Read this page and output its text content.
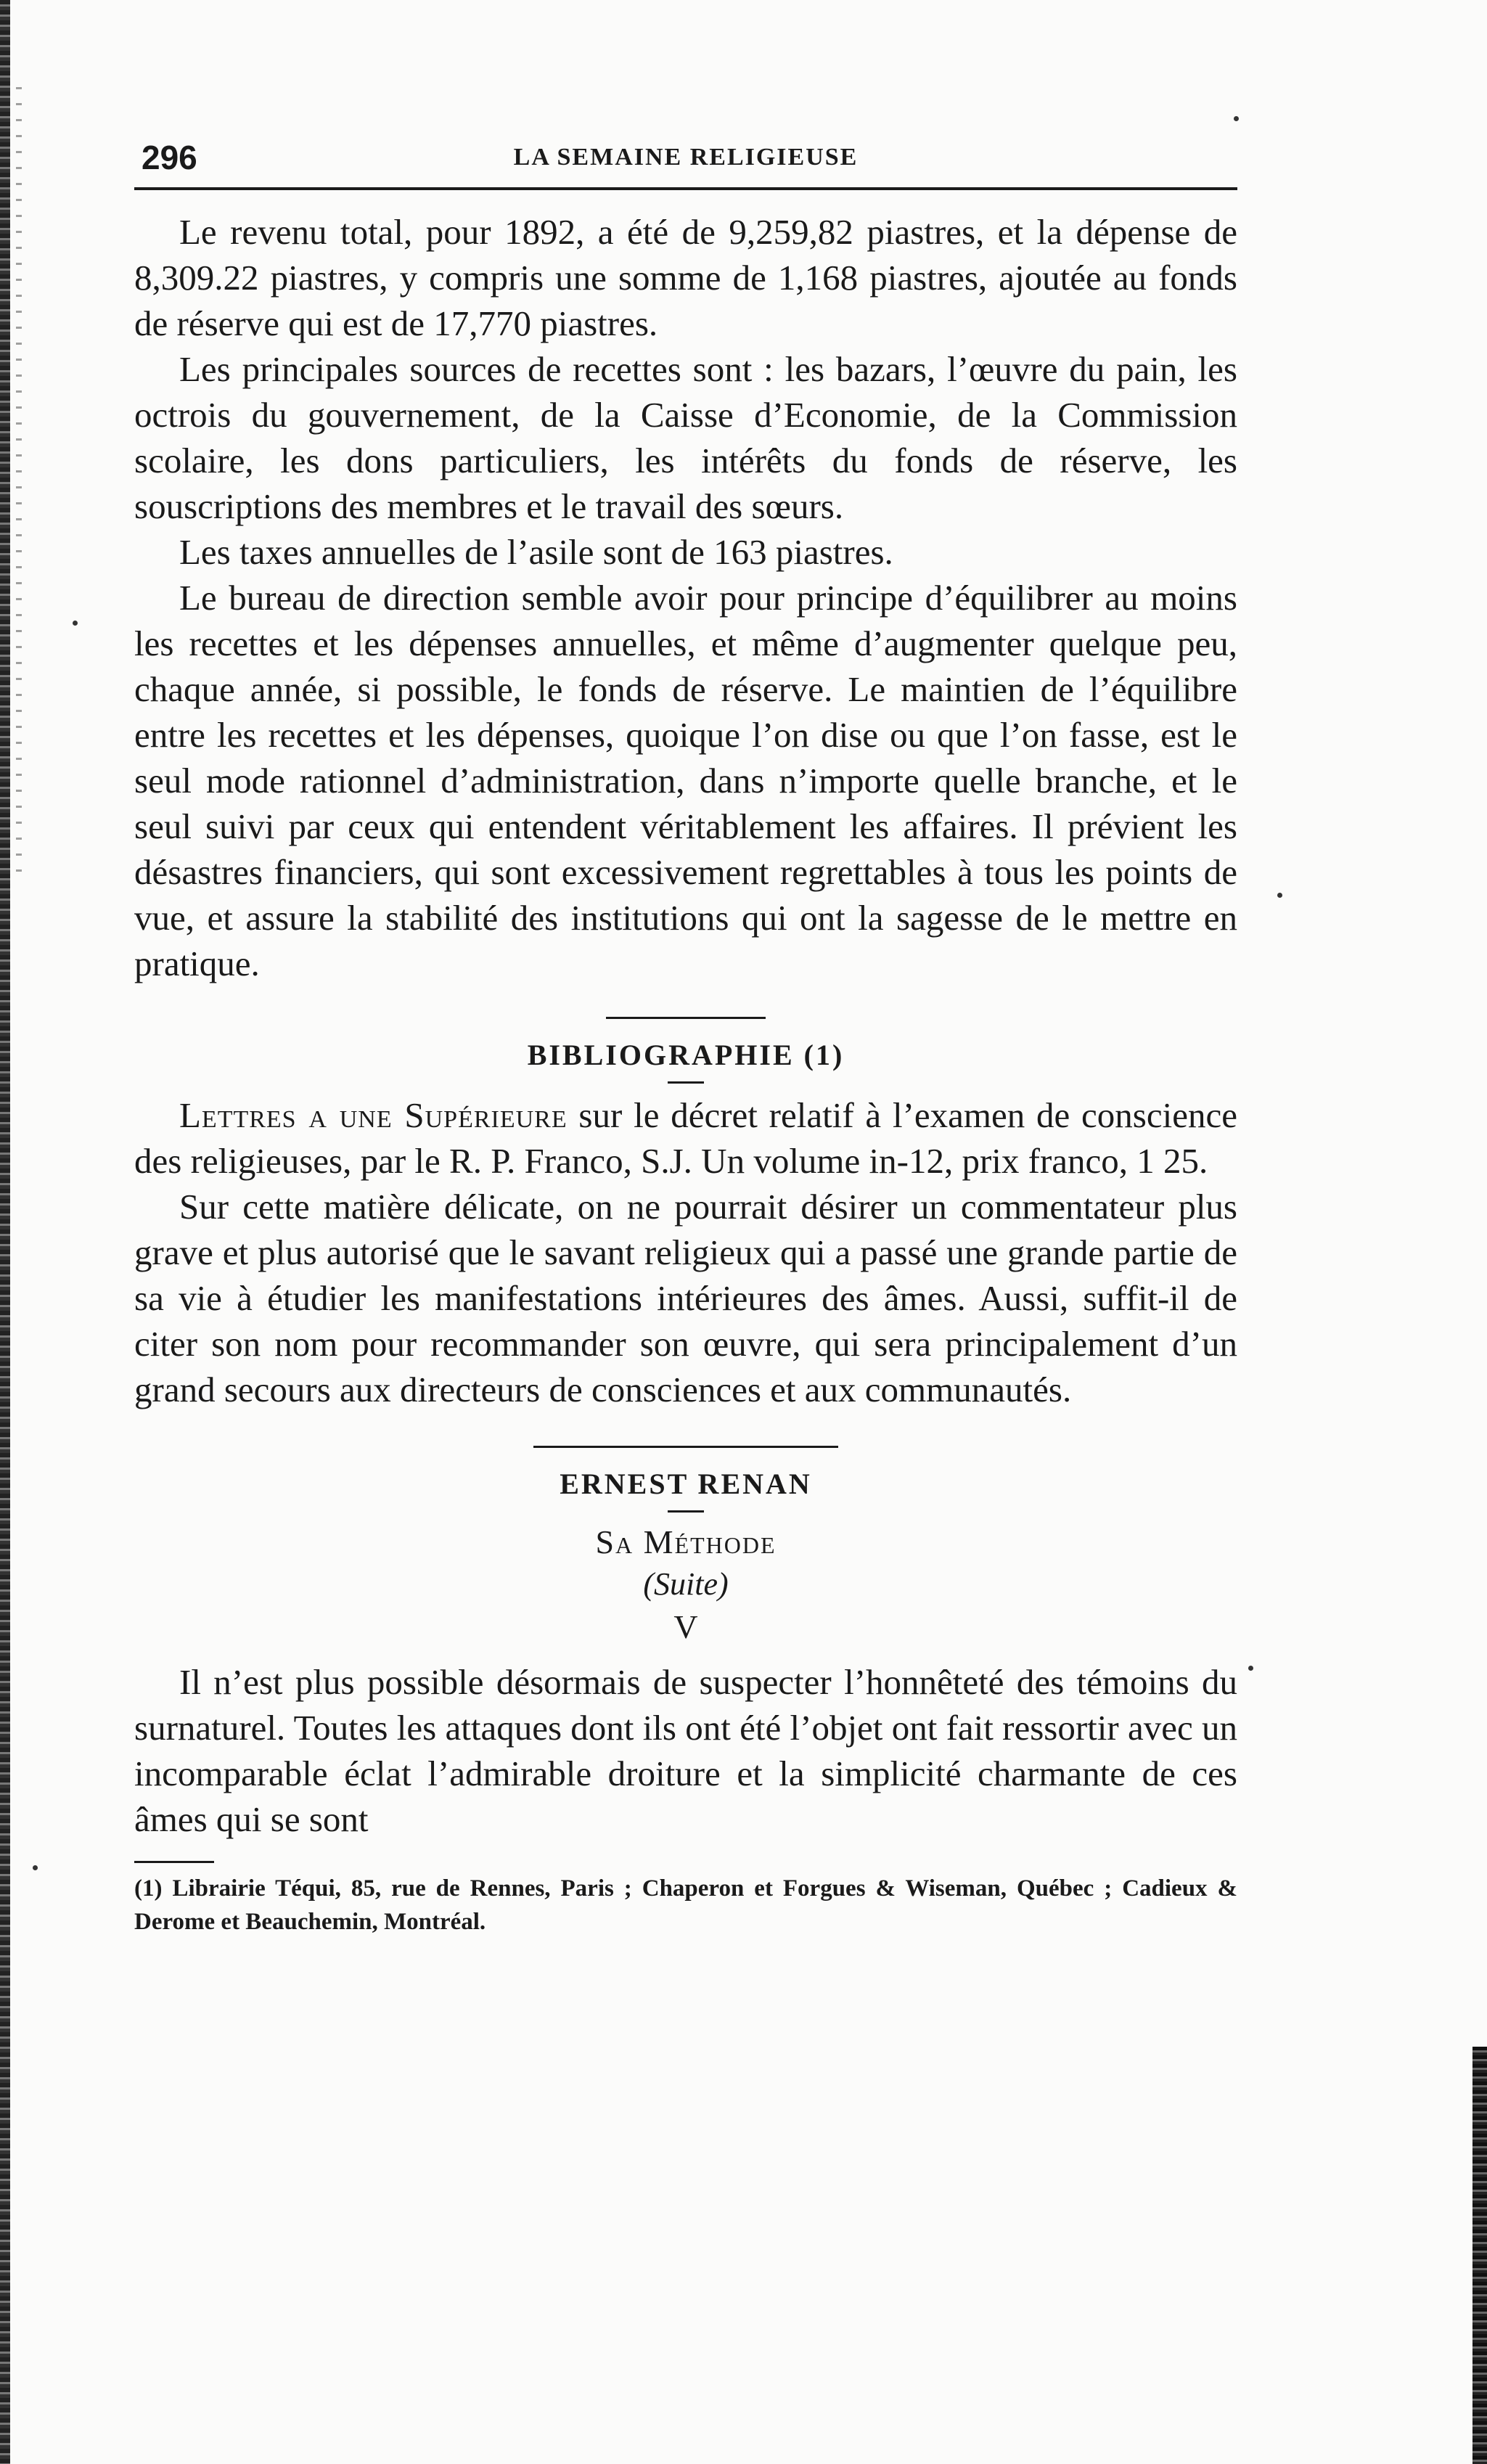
296	LA SEMAINE RELIGIEUSE

Le revenu total, pour 1892, a été de 9,259,82 piastres, et la dépense de 8,309.22 piastres, y compris une somme de 1,168 piastres, ajoutée au fonds de réserve qui est de 17,770 piastres.

Les principales sources de recettes sont : les bazars, l’œuvre du pain, les octrois du gouvernement, de la Caisse d’Economie, de la Commission scolaire, les dons particuliers, les intérêts du fonds de réserve, les souscriptions des membres et le travail des sœurs.

Les taxes annuelles de l’asile sont de 163 piastres.

Le bureau de direction semble avoir pour principe d’équilibrer au moins les recettes et les dépenses annuelles, et même d’augmenter quelque peu, chaque année, si possible, le fonds de réserve. Le maintien de l’équilibre entre les recettes et les dépenses, quoique l’on dise ou que l’on fasse, est le seul mode rationnel d’administration, dans n’importe quelle branche, et le seul suivi par ceux qui entendent véritablement les affaires. Il prévient les désastres financiers, qui sont excessivement regrettables à tous les points de vue, et assure la stabilité des institutions qui ont la sagesse de le mettre en pratique.

BIBLIOGRAPHIE (1)

Lettres a une Supérieure sur le décret relatif à l’examen de conscience des religieuses, par le R. P. Franco, S.J. Un volume in-12, prix franco, 1 25.

Sur cette matière délicate, on ne pourrait désirer un commentateur plus grave et plus autorisé que le savant religieux qui a passé une grande partie de sa vie à étudier les manifestations intérieures des âmes. Aussi, suffit-il de citer son nom pour recommander son œuvre, qui sera principalement d’un grand secours aux directeurs de consciences et aux communautés.

ERNEST RENAN
Sa Méthode
(Suite)
V

Il n’est plus possible désormais de suspecter l’honnêteté des témoins du surnaturel. Toutes les attaques dont ils ont été l’objet ont fait ressortir avec un incomparable éclat l’admirable droiture et la simplicité charmante de ces âmes qui se sont

(1) Librairie Téqui, 85, rue de Rennes, Paris ; Chaperon et Forgues & Wiseman, Québec ; Cadieux & Derome et Beauchemin, Montréal.
